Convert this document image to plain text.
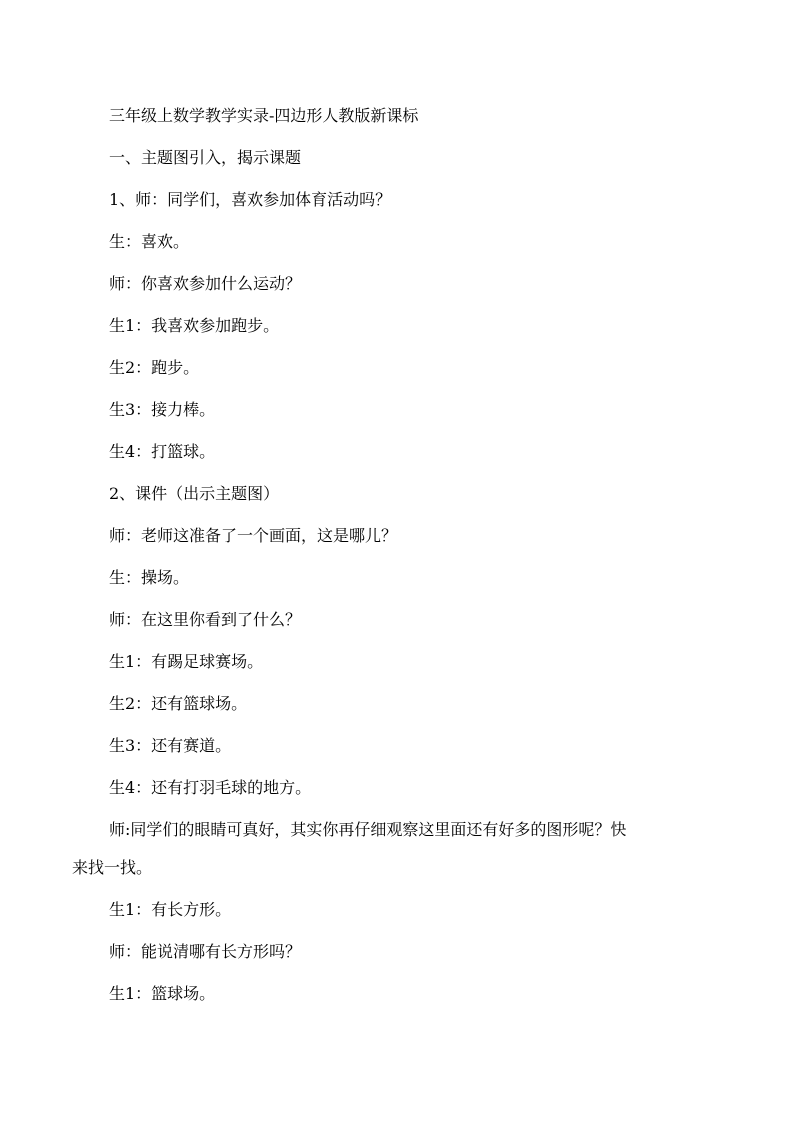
三年级上数学教学实录-四边形人教版新课标
一、主题图引入，揭示课题
1、师：同学们，喜欢参加体育活动吗？
生：喜欢。
师：你喜欢参加什么运动？
生1：我喜欢参加跑步。
生2：跑步。
生3：接力棒。
生4：打篮球。
2、课件（出示主题图）
师：老师这准备了一个画面，这是哪儿？
生：操场。
师：在这里你看到了什么？
生1：有踢足球赛场。
生2：还有篮球场。
生3：还有赛道。
生4：还有打羽毛球的地方。
师:同学们的眼睛可真好，其实你再仔细观察这里面还有好多的图形呢？快
来找一找。
生1：有长方形。
师：能说清哪有长方形吗？
生1：篮球场。
